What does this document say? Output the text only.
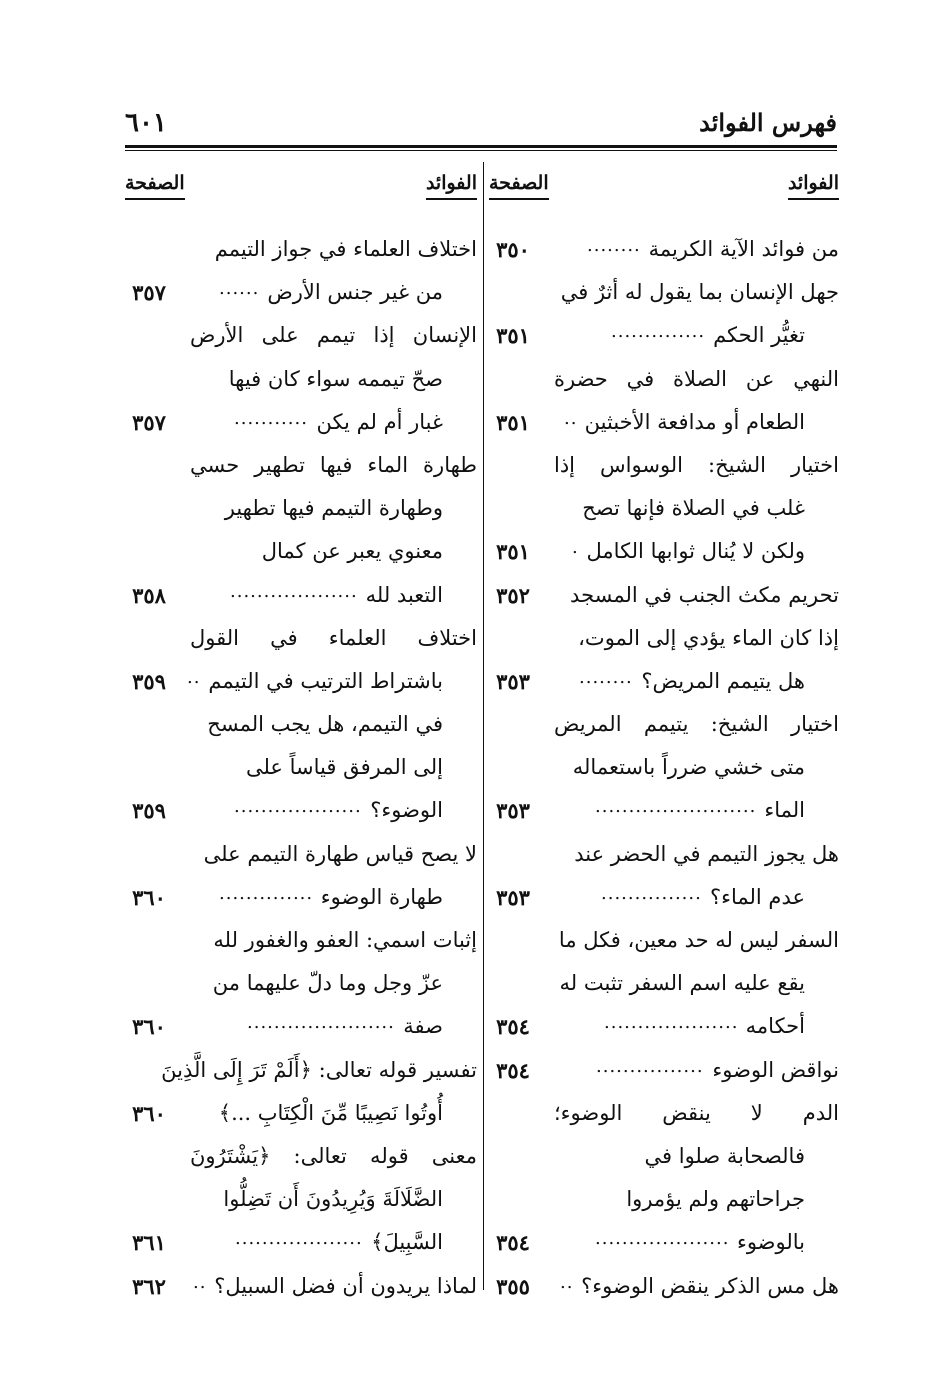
فهرس الفوائد
٦٠١
الفوائد
الصفحة
من فوائد الآية الكريمة
........
٣٥٠
جهل الإنسان بما يقول له أثرٌ في
تغيُّر الحكم
..............
٣٥١
النهي عن الصلاة في حضرة
الطعام أو مدافعة الأخبثين
..
٣٥١
اختيار الشيخ: الوسواس إذا
غلب في الصلاة فإنها تصح
ولكن لا يُنال ثوابها الكامل
.
٣٥١
تحريم مكث الجنب في المسجد
٣٥٢
إذا كان الماء يؤدي إلى الموت،
هل يتيمم المريض؟
........
٣٥٣
اختيار الشيخ: يتيمم المريض
متى خشي ضرراً باستعماله
الماء
........................
٣٥٣
هل يجوز التيمم في الحضر عند
عدم الماء؟
...............
٣٥٣
السفر ليس له حد معين، فكل ما
يقع عليه اسم السفر تثبت له
أحكامه
....................
٣٥٤
نواقض الوضوء
................
٣٥٤
الدم لا ينقض الوضوء؛
فالصحابة صلوا في
جراحاتهم ولم يؤمروا
بالوضوء
....................
٣٥٤
هل مس الذكر ينقض الوضوء؟
..
٣٥٥
الفوائد
الصفحة
اختلاف العلماء في جواز التيمم
من غير جنس الأرض
......
٣٥٧
الإنسان إذا تيمم على الأرض
صحّ تيممه سواء كان فيها
غبار أم لم يكن
...........
٣٥٧
طهارة الماء فيها تطهير حسي
وطهارة التيمم فيها تطهير
معنوي يعبر عن كمال
التعبد لله
...................
٣٥٨
اختلاف العلماء في القول
باشتراط الترتيب في التيمم
..
٣٥٩
في التيمم، هل يجب المسح
إلى المرفق قياساً على
الوضوء؟
...................
٣٥٩
لا يصح قياس طهارة التيمم على
طهارة الوضوء
..............
٣٦٠
إثبات اسمي: العفو والغفور لله
عزّ وجل وما دلّ عليهما من
صفة
......................
٣٦٠
تفسير قوله تعالى: ﴿أَلَمْ تَرَ إِلَى الَّذِينَ
أُوتُوا نَصِيبًا مِّنَ الْكِتَابِ ...﴾
٣٦٠
معنى قوله تعالى: ﴿يَشْتَرُونَ
الضَّلَالَةَ وَيُرِيدُونَ أَن تَضِلُّوا
السَّبِيلَ﴾
...................
٣٦١
لماذا يريدون أن فضل السبيل؟
..
٣٦٢
